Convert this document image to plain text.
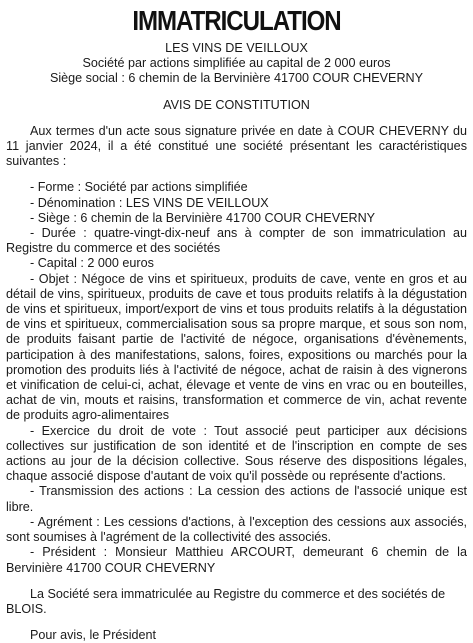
IMMATRICULATION

LES VINS DE VEILLOUX

Société par actions simplifiée au capital de 2 000 euros

Siège social : 6 chemin de la Bervinière 41700 COUR CHEVERNY

AVIS DE CONSTITUTION

Aux termes d'un acte sous signature privée en date à COUR CHEVERNY du 11 janvier 2024, il a été constitué une société présentant les caractéristiques suivantes :

- Forme : Société par actions simplifiée

- Dénomination : LES VINS DE VEILLOUX

- Siège : 6 chemin de la Bervinière 41700 COUR CHEVERNY

- Durée : quatre-vingt-dix-neuf ans à compter de son immatriculation au Registre du commerce et des sociétés

- Capital : 2 000 euros

- Objet : Négoce de vins et spiritueux, produits de cave, vente en gros et au détail de vins, spiritueux, produits de cave et tous produits relatifs à la dégustation de vins et spiritueux, import/export de vins et tous produits relatifs à la dégustation de vins et spiritueux, commercialisation sous sa propre marque, et sous son nom, de produits faisant partie de l'activité de négoce, organisations d'évènements, participation à des manifestations, salons, foires, expositions ou marchés pour la promotion des produits liés à l'activité de négoce, achat de raisin à des vignerons et vinification de celui-ci, achat, élevage et vente de vins en vrac ou en bouteilles, achat de vin, mouts et raisins, transformation et commerce de vin, achat revente de produits agro-alimentaires

- Exercice du droit de vote : Tout associé peut participer aux décisions collectives sur justification de son identité et de l'inscription en compte de ses actions au jour de la décision collective. Sous réserve des dispositions légales, chaque associé dispose d'autant de voix qu'il possède ou représente d'actions.

- Transmission des actions : La cession des actions de l'associé unique est libre.

- Agrément : Les cessions d'actions, à l'exception des cessions aux associés, sont soumises à l'agrément de la collectivité des associés.

- Président : Monsieur Matthieu ARCOURT, demeurant 6 chemin de la Bervinière 41700 COUR CHEVERNY

La Société sera immatriculée au Registre du commerce et des sociétés de BLOIS.

Pour avis, le Président
